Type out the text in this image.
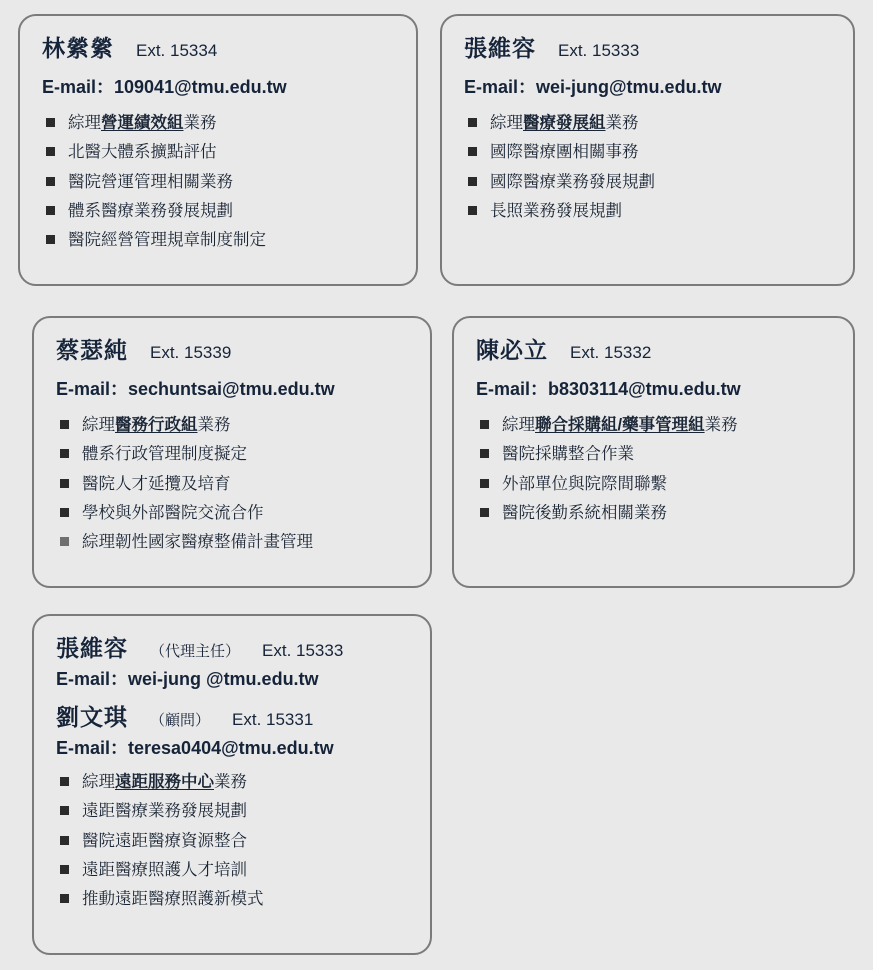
林縈縈 Ext. 15334
E-mail：109041@tmu.edu.tw
綜理營運績效組業務
北醫大體系擴點評估
醫院營運管理相關業務
體系醫療業務發展規劃
醫院經營管理規章制度制定
張維容 Ext. 15333
E-mail：wei-jung@tmu.edu.tw
綜理醫療發展組業務
國際醫療團相關事務
國際醫療業務發展規劃
長照業務發展規劃
蔡瑟純 Ext. 15339
E-mail：sechuntsai@tmu.edu.tw
綜理醫務行政組業務
體系行政管理制度擬定
醫院人才延攬及培育
學校與外部醫院交流合作
綜理韌性國家醫療整備計畫管理
陳必立 Ext. 15332
E-mail：b8303114@tmu.edu.tw
綜理聯合採購組/藥事管理組業務
醫院採購整合作業
外部單位與院際間聯繫
醫院後勤系統相關業務
張維容 （代理主任） Ext. 15333
E-mail：wei-jung @tmu.edu.tw
劉文琪 （顧問） Ext. 15331
E-mail：teresa0404@tmu.edu.tw
綜理遠距服務中心業務
遠距醫療業務發展規劃
醫院遠距醫療資源整合
遠距醫療照護人才培訓
推動遠距醫療照護新模式
